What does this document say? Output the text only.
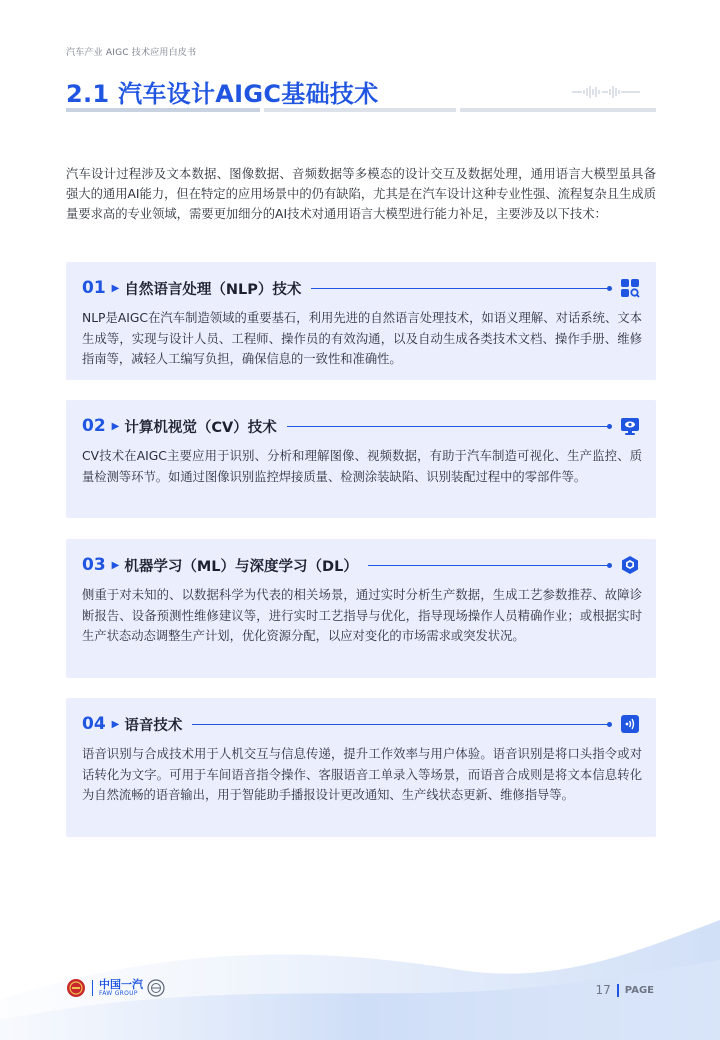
汽车产业 AIGC 技术应用白皮书
2.1 汽车设计AIGC基础技术

汽车设计过程涉及文本数据、图像数据、音频数据等多模态的设计交互及数据处理，通用语言大模型虽具备强大的通用AI能力，但在特定的应用场景中的仍有缺陷，尤其是在汽车设计这种专业性强、流程复杂且生成质量要求高的专业领域，需要更加细分的AI技术对通用语言大模型进行能力补足，主要涉及以下技术：

01 ▶ 自然语言处理（NLP）技术

NLP是AIGC在汽车制造领域的重要基石，利用先进的自然语言处理技术，如语义理解、对话系统、文本生成等，实现与设计人员、工程师、操作员的有效沟通，以及自动生成各类技术文档、操作手册、维修指南等，减轻人工编写负担，确保信息的一致性和准确性。

02 ▶ 计算机视觉（CV）技术

CV技术在AIGC主要应用于识别、分析和理解图像、视频数据，有助于汽车制造可视化、生产监控、质量检测等环节。如通过图像识别监控焊接质量、检测涂装缺陷、识别装配过程中的零部件等。

03 ▶ 机器学习（ML）与深度学习（DL）

侧重于对未知的、以数据科学为代表的相关场景，通过实时分析生产数据，生成工艺参数推荐、故障诊断报告、设备预测性维修建议等，进行实时工艺指导与优化，指导现场操作人员精确作业；或根据实时生产状态动态调整生产计划，优化资源分配，以应对变化的市场需求或突发状况。

04 ▶ 语音技术

语音识别与合成技术用于人机交互与信息传递，提升工作效率与用户体验。语音识别是将口头指令或对话转化为文字。可用于车间语音指令操作、客服语音工单录入等场景，而语音合成则是将文本信息转化为自然流畅的语音输出，用于智能助手播报设计更改通知、生产线状态更新、维修指导等。

中国一汽
FAW GROUP	17 PAGE
